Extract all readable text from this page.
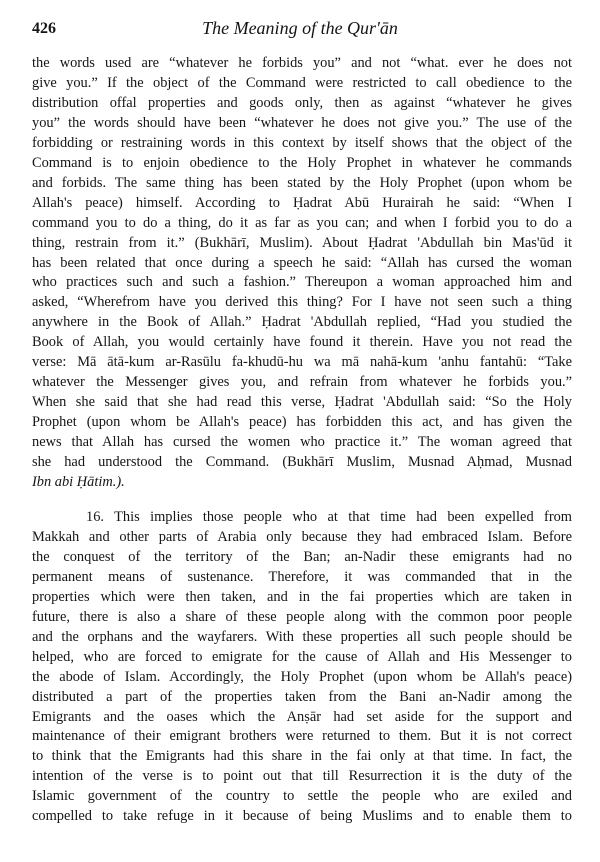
426	The Meaning of the Qur'ān
the words used are “whatever he forbids you” and not “what. ever he does not
give you.” If the object of the Command were restricted to call obedience to the
distribution offal properties and goods only, then as against “whatever he gives
you” the words should have been “whatever he does not give you.” The use of the
forbidding or restraining words in this context by itself shows that the object of the
Command is to enjoin obedience to the Holy Prophet in whatever he commands
and forbids. The same thing has been stated by the Holy Prophet (upon whom be
Allah's peace) himself. According to Ḥadrat Abū Hurairah he said: “When I
command you to do a thing, do it as far as you can; and when I forbid you to do a
thing, restrain from it.” (Bukhārī, Muslim). About Ḥadrat 'Abdullah bin Mas'ūd it
has been related that once during a speech he said: “Allah has cursed the woman
who practices such and such a fashion.” Thereupon a woman approached him and
asked, “Wherefrom have you derived this thing? For I have not seen such a thing
anywhere in the Book of Allah.” Ḥadrat 'Abdullah replied, “Had you studied the
Book of Allah, you would certainly have found it therein. Have you not read the
verse: Mā ātā-kum ar-Rasūlu fa-khudū-hu wa mā nahā-kum 'anhu fantahū: “Take
whatever the Messenger gives you, and refrain from whatever he forbids you.”
When she said that she had read this verse, Ḥadrat 'Abdullah said: “So the Holy
Prophet (upon whom be Allah's peace) has forbidden this act, and has given the
news that Allah has cursed the women who practice it.” The woman agreed that
she had understood the Command. (Bukhārī Muslim, Musnad Aḥmad, Musnad
Ibn abi Ḥātim.).
16. This implies those people who at that time had been expelled from
Makkah and other parts of Arabia only because they had embraced Islam. Before
the conquest of the territory of the Ban; an-Nadir these emigrants had no
permanent means of sustenance. Therefore, it was commanded that in the
properties which were then taken, and in the fai properties which are taken in
future, there is also a share of these people along with the common poor people
and the orphans and the wayfarers. With these properties all such people should be
helped, who are forced to emigrate for the cause of Allah and His Messenger to
the abode of Islam. Accordingly, the Holy Prophet (upon whom be Allah's peace)
distributed a part of the properties taken from the Bani an-Nadir among the
Emigrants and the oases which the Anṣār had set aside for the support and
maintenance of their emigrant brothers were returned to them. But it is not correct
to think that the Emigrants had this share in the fai only at that time. In fact, the
intention of the verse is to point out that till Resurrection it is the duty of the
Islamic government of the country to settle the people who are exiled and
compelled to take refuge in it because of being Muslims and to enable them to
